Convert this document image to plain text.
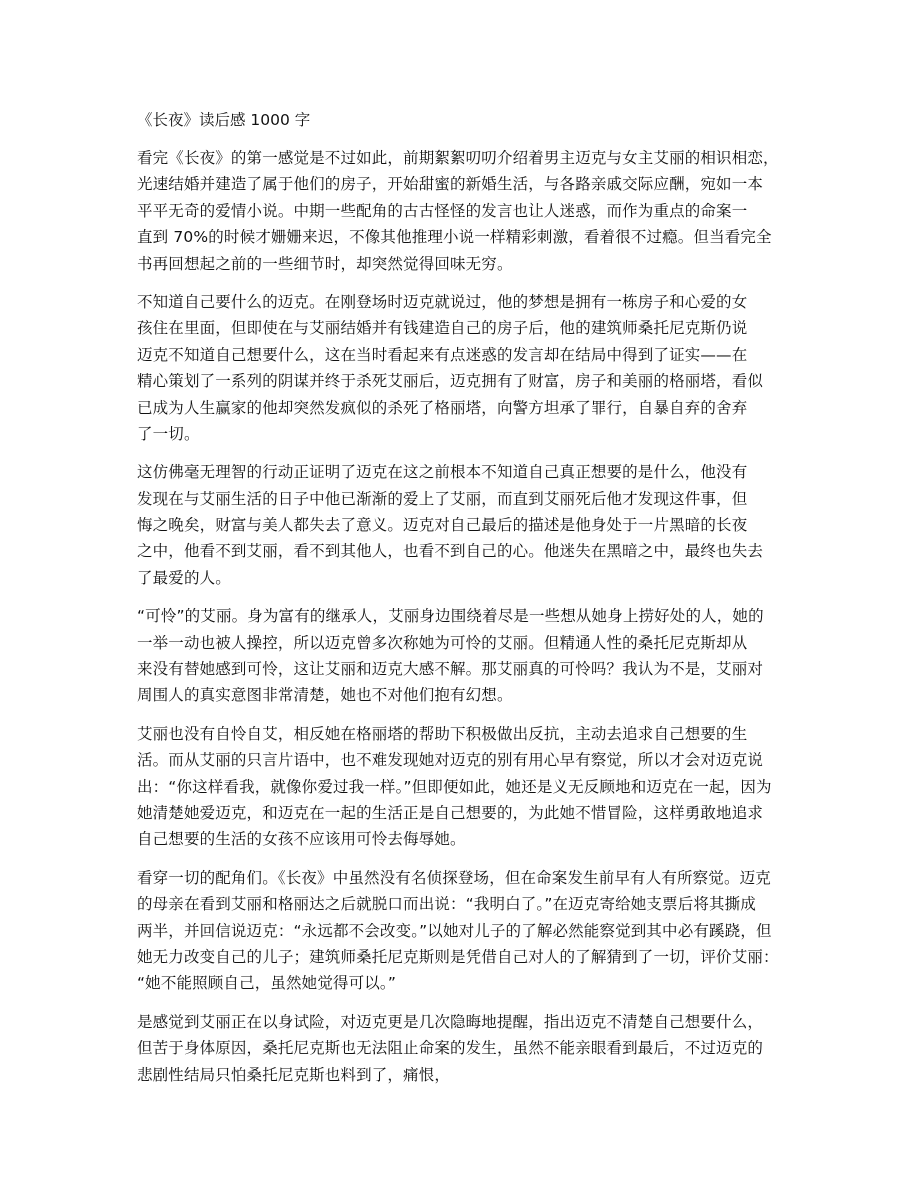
《长夜》读后感 1000 字
看完《长夜》的第一感觉是不过如此，前期絮絮叨叨介绍着男主迈克与女主艾丽的相识相恋，
光速结婚并建造了属于他们的房子，开始甜蜜的新婚生活，与各路亲戚交际应酬，宛如一本
平平无奇的爱情小说。中期一些配角的古古怪怪的发言也让人迷惑，而作为重点的命案一
直到 70%的时候才姗姗来迟，不像其他推理小说一样精彩刺激，看着很不过瘾。但当看完全
书再回想起之前的一些细节时，却突然觉得回味无穷。
不知道自己要什么的迈克。在刚登场时迈克就说过，他的梦想是拥有一栋房子和心爱的女
孩住在里面，但即使在与艾丽结婚并有钱建造自己的房子后，他的建筑师桑托尼克斯仍说
迈克不知道自己想要什么，这在当时看起来有点迷惑的发言却在结局中得到了证实——在
精心策划了一系列的阴谋并终于杀死艾丽后，迈克拥有了财富，房子和美丽的格丽塔，看似
已成为人生赢家的他却突然发疯似的杀死了格丽塔，向警方坦承了罪行，自暴自弃的舍弃
了一切。
这仿佛毫无理智的行动正证明了迈克在这之前根本不知道自己真正想要的是什么，他没有
发现在与艾丽生活的日子中他已渐渐的爱上了艾丽，而直到艾丽死后他才发现这件事，但
悔之晚矣，财富与美人都失去了意义。迈克对自己最后的描述是他身处于一片黑暗的长夜
之中，他看不到艾丽，看不到其他人，也看不到自己的心。他迷失在黑暗之中，最终也失去
了最爱的人。
“可怜”的艾丽。身为富有的继承人，艾丽身边围绕着尽是一些想从她身上捞好处的人，她的
一举一动也被人操控，所以迈克曾多次称她为可怜的艾丽。但精通人性的桑托尼克斯却从
来没有替她感到可怜，这让艾丽和迈克大感不解。那艾丽真的可怜吗？我认为不是，艾丽对
周围人的真实意图非常清楚，她也不对他们抱有幻想。
艾丽也没有自怜自艾，相反她在格丽塔的帮助下积极做出反抗，主动去追求自己想要的生
活。而从艾丽的只言片语中，也不难发现她对迈克的别有用心早有察觉，所以才会对迈克说
出：“你这样看我，就像你爱过我一样。”但即便如此，她还是义无反顾地和迈克在一起，因为
她清楚她爱迈克，和迈克在一起的生活正是自己想要的，为此她不惜冒险，这样勇敢地追求
自己想要的生活的女孩不应该用可怜去侮辱她。
看穿一切的配角们。《长夜》中虽然没有名侦探登场，但在命案发生前早有人有所察觉。迈克
的母亲在看到艾丽和格丽达之后就脱口而出说：“我明白了。”在迈克寄给她支票后将其撕成
两半，并回信说迈克：“永远都不会改变。”以她对儿子的了解必然能察觉到其中必有蹊跷，但
她无力改变自己的儿子；建筑师桑托尼克斯则是凭借自己对人的了解猜到了一切，评价艾丽：
“她不能照顾自己，虽然她觉得可以。”
是感觉到艾丽正在以身试险，对迈克更是几次隐晦地提醒，指出迈克不清楚自己想要什么，
但苦于身体原因，桑托尼克斯也无法阻止命案的发生，虽然不能亲眼看到最后，不过迈克的
悲剧性结局只怕桑托尼克斯也料到了，痛恨，
